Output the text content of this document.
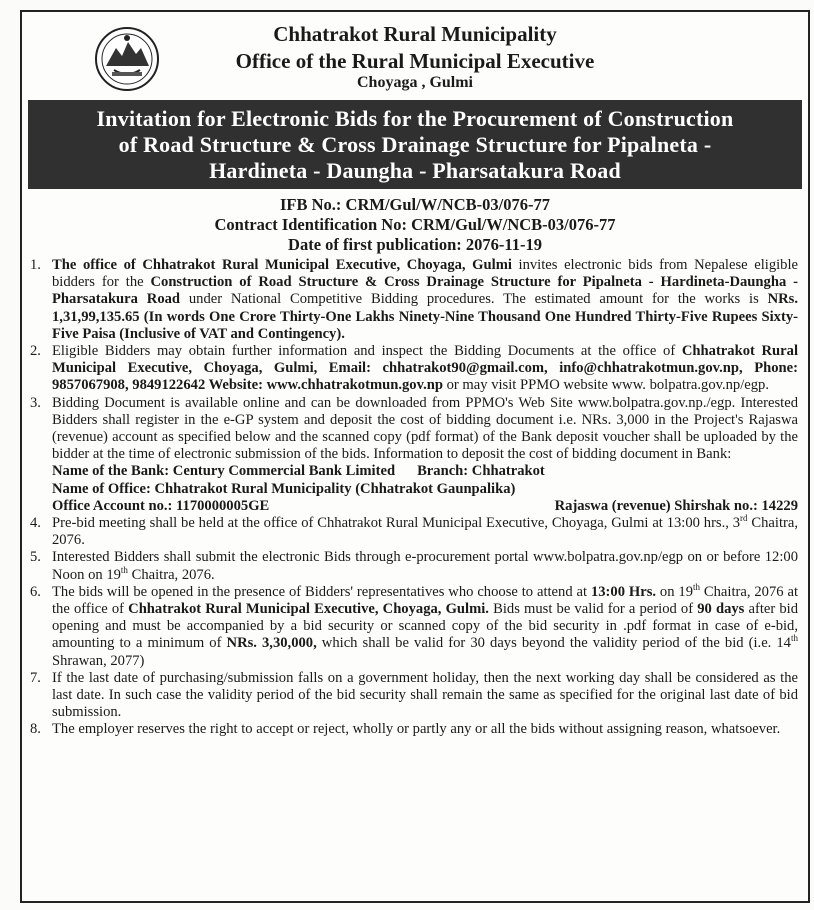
Chhatrakot Rural Municipality
Office of the Rural Municipal Executive
Choyaga , Gulmi
Invitation for Electronic Bids for the Procurement of Construction
of Road Structure & Cross Drainage Structure for Pipalneta -
Hardineta - Daungha - Pharsatakura Road
IFB No.: CRM/Gul/W/NCB-03/076-77
Contract Identification No: CRM/Gul/W/NCB-03/076-77
Date of first publication: 2076-11-19
1. The office of Chhatrakot Rural Municipal Executive, Choyaga, Gulmi invites electronic bids from Nepalese eligible bidders for the Construction of Road Structure & Cross Drainage Structure for Pipalneta - Hardineta-Daungha - Pharsatakura Road under National Competitive Bidding procedures. The estimated amount for the works is NRs. 1,31,99,135.65 (In words One Crore Thirty-One Lakhs Ninety-Nine Thousand One Hundred Thirty-Five Rupees Sixty-Five Paisa (Inclusive of VAT and Contingency).
2. Eligible Bidders may obtain further information and inspect the Bidding Documents at the office of Chhatrakot Rural Municipal Executive, Choyaga, Gulmi, Email: chhatrakot90@gmail.com, info@chhatrakotmun.gov.np, Phone: 9857067908, 9849122642 Website: www.chhatrakotmun.gov.np or may visit PPMO website www. bolpatra.gov.np/egp.
3. Bidding Document is available online and can be downloaded from PPMO's Web Site www.bolpatra.gov.np./egp. Interested Bidders shall register in the e-GP system and deposit the cost of bidding document i.e. NRs. 3,000 in the Project's Rajaswa (revenue) account as specified below and the scanned copy (pdf format) of the Bank deposit voucher shall be uploaded by the bidder at the time of electronic submission of the bids. Information to deposit the cost of bidding document in Bank:
Name of the Bank: Century Commercial Bank Limited Branch: Chhatrakot
Name of Office: Chhatrakot Rural Municipality (Chhatrakot Gaunpalika)
Office Account no.: 1170000005GE	Rajaswa (revenue) Shirshak no.: 14229
4. Pre-bid meeting shall be held at the office of Chhatrakot Rural Municipal Executive, Choyaga, Gulmi at 13:00 hrs., 3rd Chaitra, 2076.
5. Interested Bidders shall submit the electronic Bids through e-procurement portal www.bolpatra.gov.np/egp on or before 12:00 Noon on 19th Chaitra, 2076.
6. The bids will be opened in the presence of Bidders' representatives who choose to attend at 13:00 Hrs. on 19th Chaitra, 2076 at the office of Chhatrakot Rural Municipal Executive, Choyaga, Gulmi. Bids must be valid for a period of 90 days after bid opening and must be accompanied by a bid security or scanned copy of the bid security in .pdf format in case of e-bid, amounting to a minimum of NRs. 3,30,000, which shall be valid for 30 days beyond the validity period of the bid (i.e. 14th Shrawan, 2077)
7. If the last date of purchasing/submission falls on a government holiday, then the next working day shall be considered as the last date. In such case the validity period of the bid security shall remain the same as specified for the original last date of bid submission.
8. The employer reserves the right to accept or reject, wholly or partly any or all the bids without assigning reason, whatsoever.
